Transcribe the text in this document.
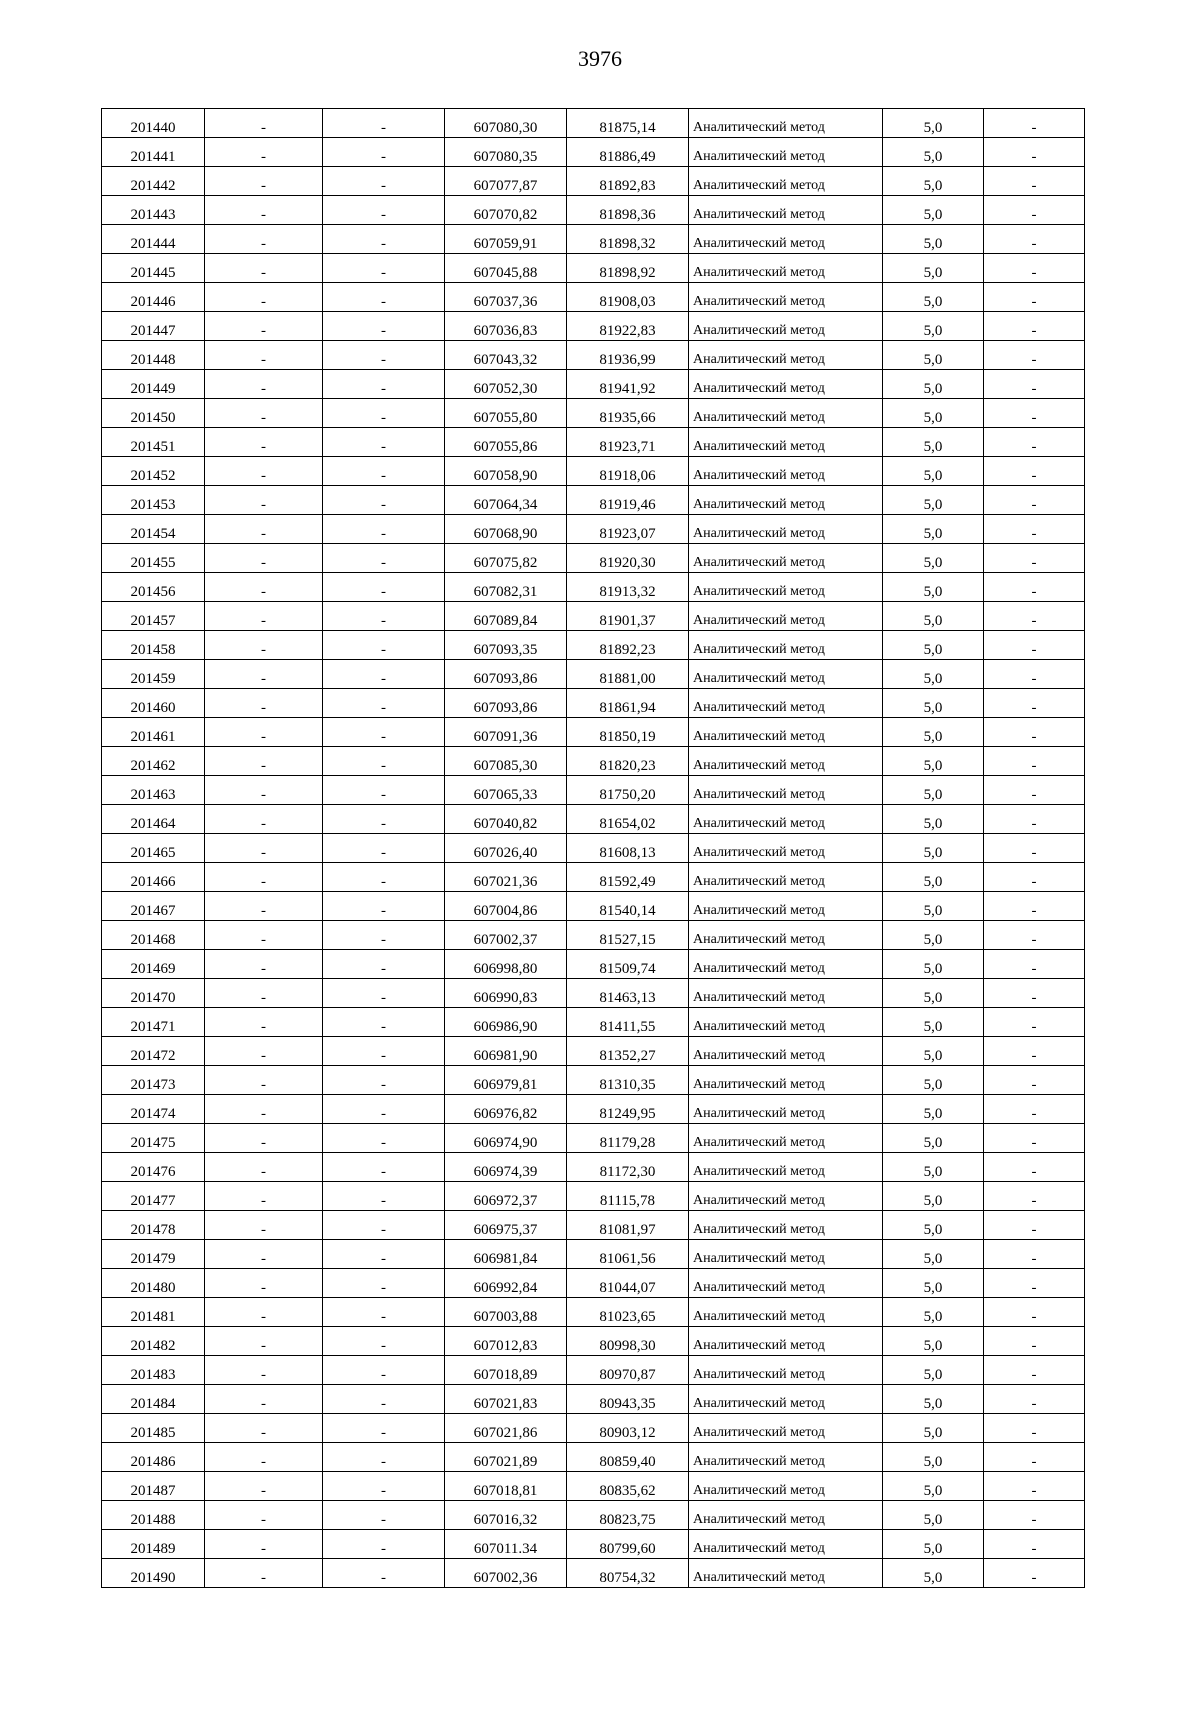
3976
201440	-	-	607080,30	81875,14	Аналитический метод	5,0	-
201441	-	-	607080,35	81886,49	Аналитический метод	5,0	-
201442	-	-	607077,87	81892,83	Аналитический метод	5,0	-
201443	-	-	607070,82	81898,36	Аналитический метод	5,0	-
201444	-	-	607059,91	81898,32	Аналитический метод	5,0	-
201445	-	-	607045,88	81898,92	Аналитический метод	5,0	-
201446	-	-	607037,36	81908,03	Аналитический метод	5,0	-
201447	-	-	607036,83	81922,83	Аналитический метод	5,0	-
201448	-	-	607043,32	81936,99	Аналитический метод	5,0	-
201449	-	-	607052,30	81941,92	Аналитический метод	5,0	-
201450	-	-	607055,80	81935,66	Аналитический метод	5,0	-
201451	-	-	607055,86	81923,71	Аналитический метод	5,0	-
201452	-	-	607058,90	81918,06	Аналитический метод	5,0	-
201453	-	-	607064,34	81919,46	Аналитический метод	5,0	-
201454	-	-	607068,90	81923,07	Аналитический метод	5,0	-
201455	-	-	607075,82	81920,30	Аналитический метод	5,0	-
201456	-	-	607082,31	81913,32	Аналитический метод	5,0	-
201457	-	-	607089,84	81901,37	Аналитический метод	5,0	-
201458	-	-	607093,35	81892,23	Аналитический метод	5,0	-
201459	-	-	607093,86	81881,00	Аналитический метод	5,0	-
201460	-	-	607093,86	81861,94	Аналитический метод	5,0	-
201461	-	-	607091,36	81850,19	Аналитический метод	5,0	-
201462	-	-	607085,30	81820,23	Аналитический метод	5,0	-
201463	-	-	607065,33	81750,20	Аналитический метод	5,0	-
201464	-	-	607040,82	81654,02	Аналитический метод	5,0	-
201465	-	-	607026,40	81608,13	Аналитический метод	5,0	-
201466	-	-	607021,36	81592,49	Аналитический метод	5,0	-
201467	-	-	607004,86	81540,14	Аналитический метод	5,0	-
201468	-	-	607002,37	81527,15	Аналитический метод	5,0	-
201469	-	-	606998,80	81509,74	Аналитический метод	5,0	-
201470	-	-	606990,83	81463,13	Аналитический метод	5,0	-
201471	-	-	606986,90	81411,55	Аналитический метод	5,0	-
201472	-	-	606981,90	81352,27	Аналитический метод	5,0	-
201473	-	-	606979,81	81310,35	Аналитический метод	5,0	-
201474	-	-	606976,82	81249,95	Аналитический метод	5,0	-
201475	-	-	606974,90	81179,28	Аналитический метод	5,0	-
201476	-	-	606974,39	81172,30	Аналитический метод	5,0	-
201477	-	-	606972,37	81115,78	Аналитический метод	5,0	-
201478	-	-	606975,37	81081,97	Аналитический метод	5,0	-
201479	-	-	606981,84	81061,56	Аналитический метод	5,0	-
201480	-	-	606992,84	81044,07	Аналитический метод	5,0	-
201481	-	-	607003,88	81023,65	Аналитический метод	5,0	-
201482	-	-	607012,83	80998,30	Аналитический метод	5,0	-
201483	-	-	607018,89	80970,87	Аналитический метод	5,0	-
201484	-	-	607021,83	80943,35	Аналитический метод	5,0	-
201485	-	-	607021,86	80903,12	Аналитический метод	5,0	-
201486	-	-	607021,89	80859,40	Аналитический метод	5,0	-
201487	-	-	607018,81	80835,62	Аналитический метод	5,0	-
201488	-	-	607016,32	80823,75	Аналитический метод	5,0	-
201489	-	-	607011.34	80799,60	Аналитический метод	5,0	-
201490	-	-	607002,36	80754,32	Аналитический метод	5,0	-
